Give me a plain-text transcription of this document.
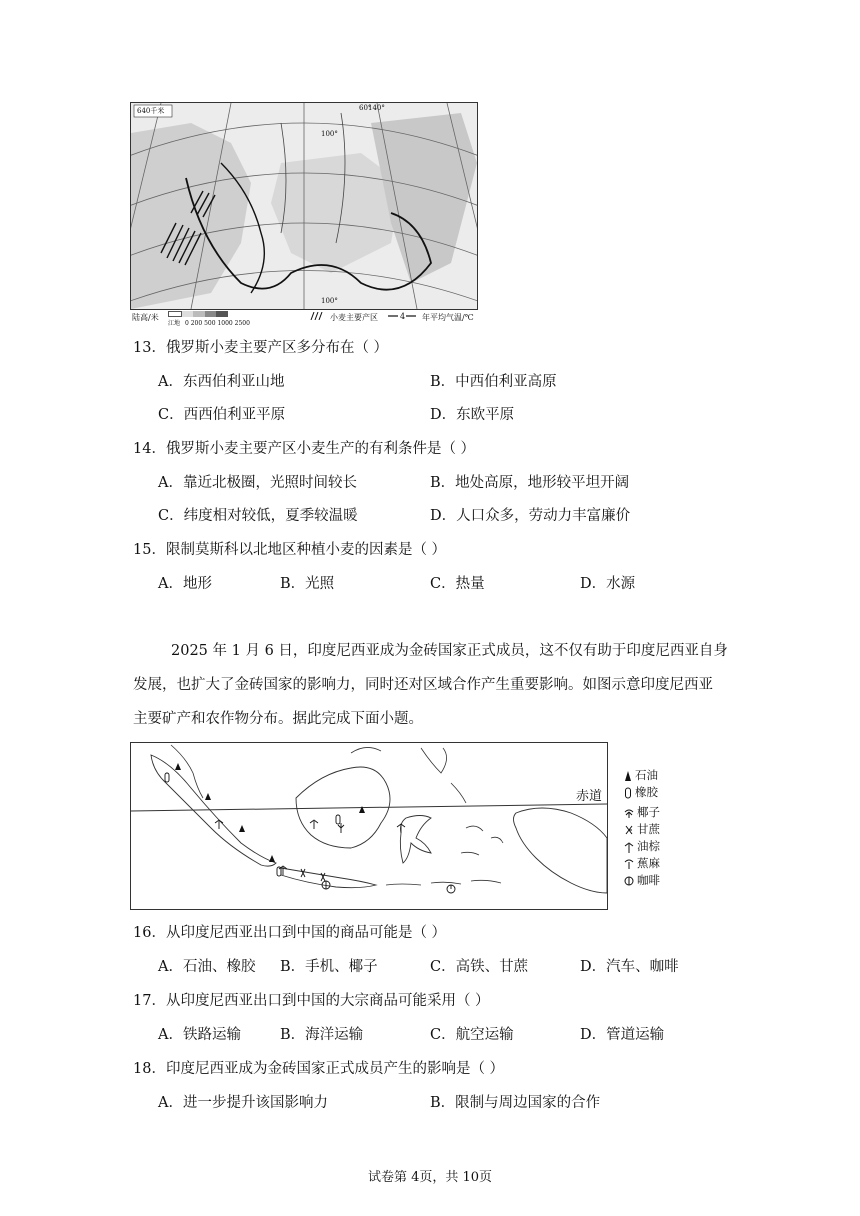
640千米	60°
140°
100°
100°
陆高/米
江地 0 200 500 1000 2500
小麦主要产区	4 年平均气温/℃
13．俄罗斯小麦主要产区多分布在（ ）
A．东西伯利亚山地	B．中西伯利亚高原
C．西西伯利亚平原	D．东欧平原
14．俄罗斯小麦主要产区小麦生产的有利条件是（ ）
A．靠近北极圈，光照时间较长	B．地处高原，地形较平坦开阔
C．纬度相对较低，夏季较温暖	D．人口众多，劳动力丰富廉价
15．限制莫斯科以北地区种植小麦的因素是（ ）
A．地形	B．光照	C．热量	D．水源
2025 年 1 月 6 日，印度尼西亚成为金砖国家正式成员，这不仅有助于印度尼西亚自身
发展，也扩大了金砖国家的影响力，同时还对区域合作产生重要影响。如图示意印度尼西亚
主要矿产和农作物分布。据此完成下面小题。
赤道
石油
橡胶
椰子
甘蔗
油棕
蕉麻
咖啡
16．从印度尼西亚出口到中国的商品可能是（ ）
A．石油、橡胶 B．手机、椰子	C．高铁、甘蔗	D．汽车、咖啡
17．从印度尼西亚出口到中国的大宗商品可能采用（ ）
A．铁路运输	B．海洋运输	C．航空运输	D．管道运输
18．印度尼西亚成为金砖国家正式成员产生的影响是（ ）
A．进一步提升该国影响力	B．限制与周边国家的合作
试卷第 4页，共 10页
